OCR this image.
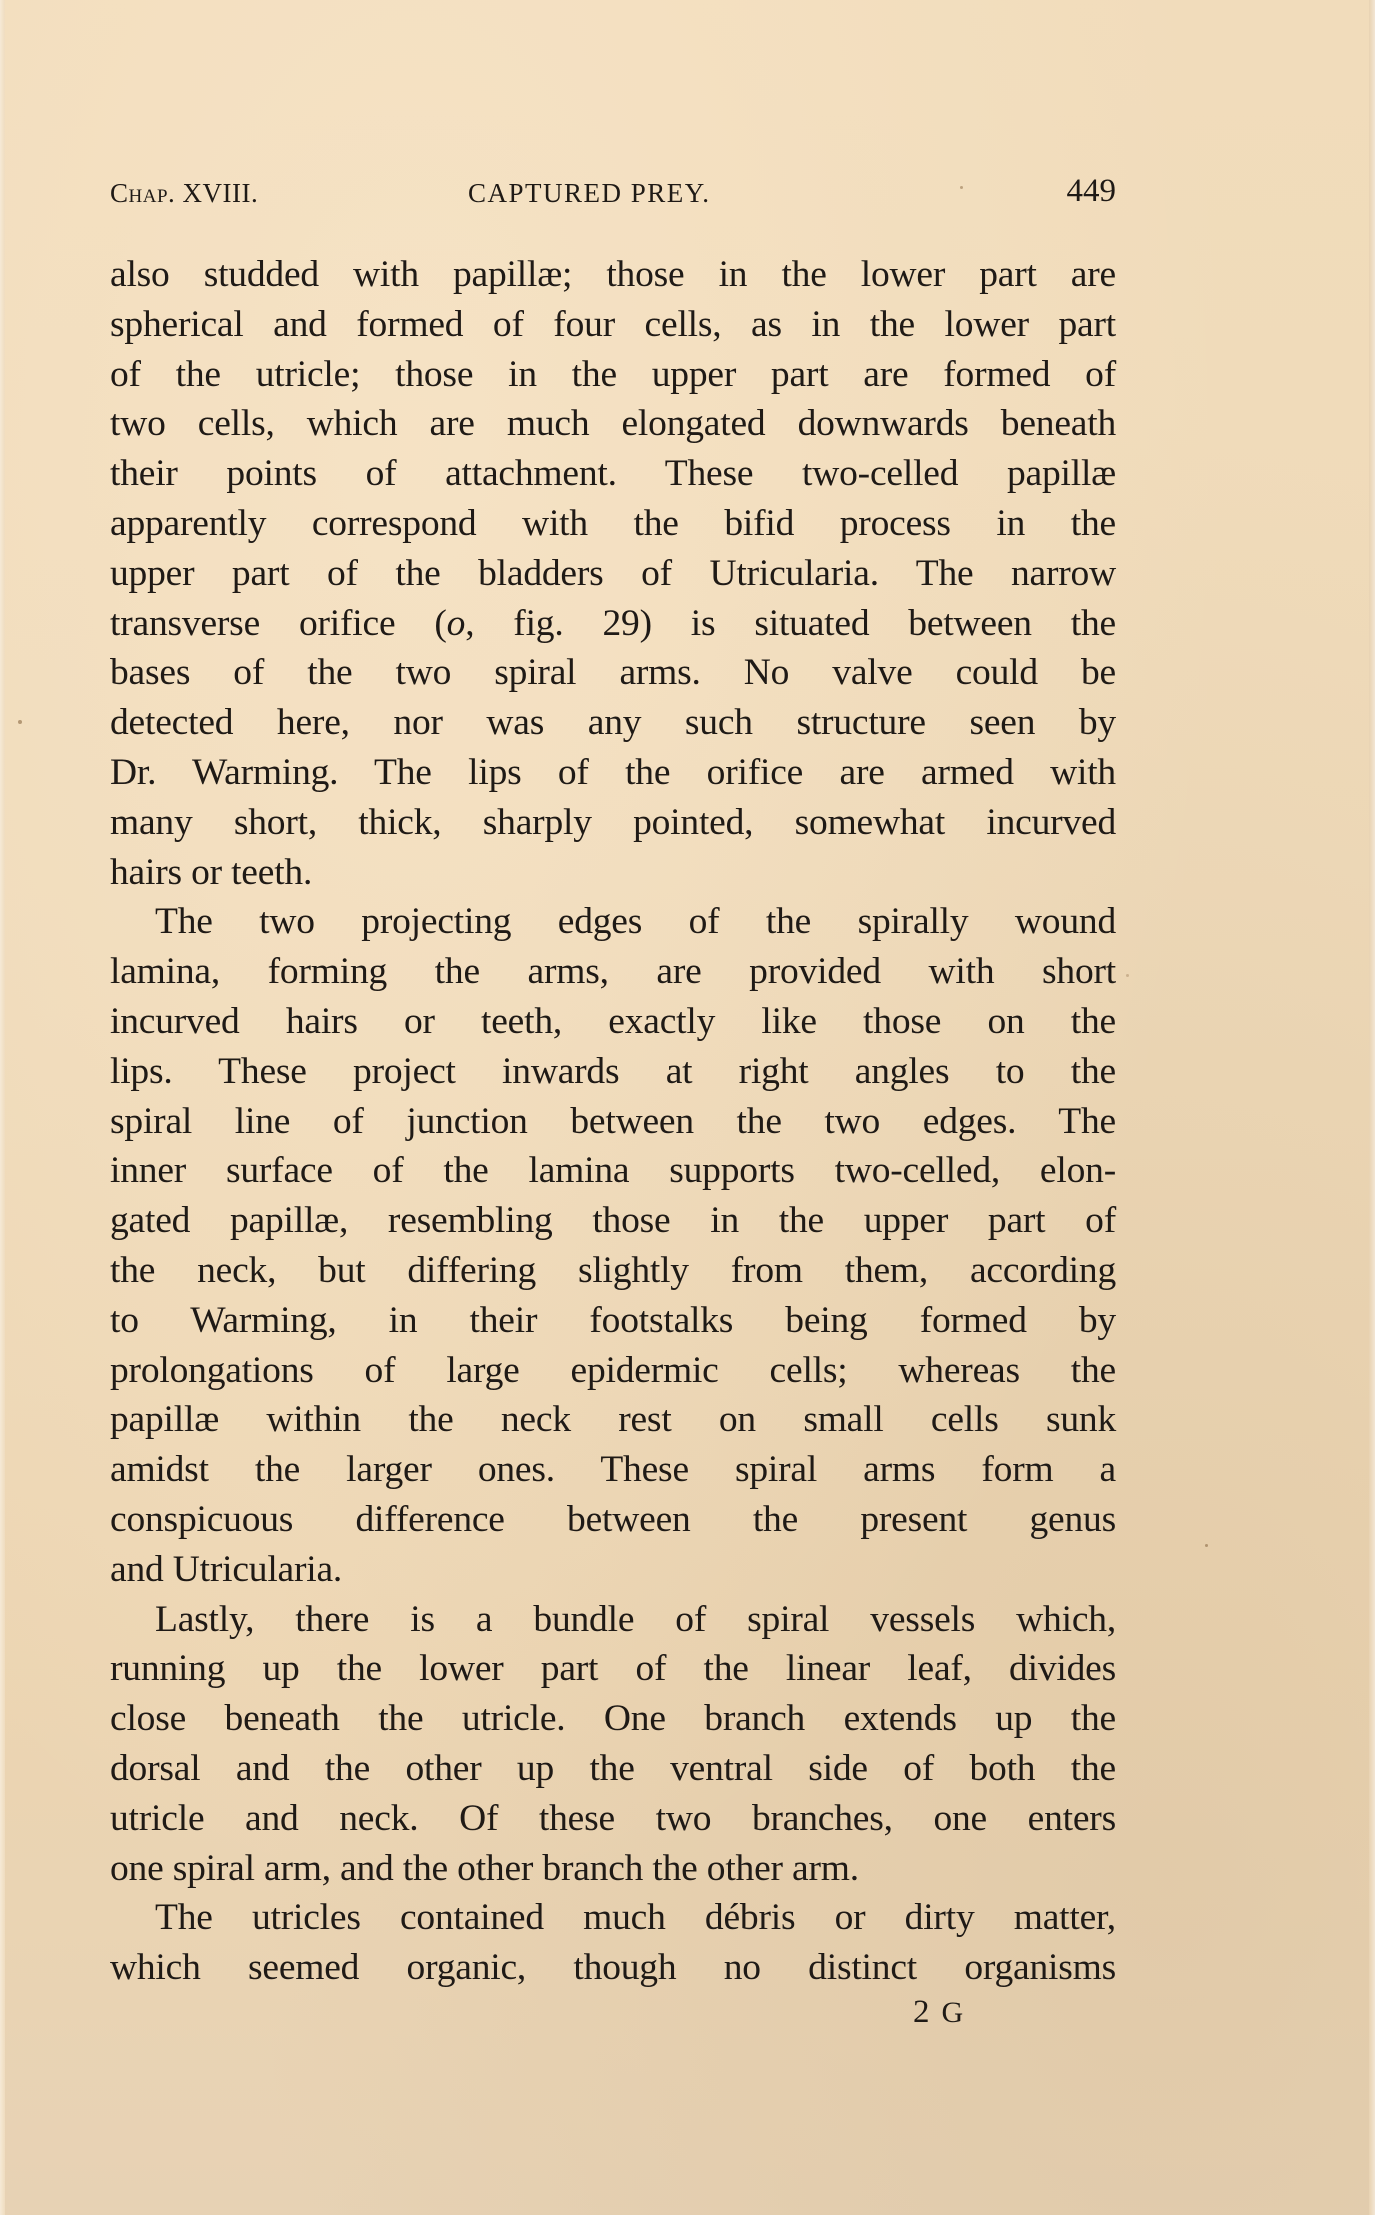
Chap. XVIII.	CAPTURED PREY.	449
also studded with papillæ; those in the lower part are
spherical and formed of four cells, as in the lower part
of the utricle; those in the upper part are formed of
two cells, which are much elongated downwards beneath
their points of attachment. These two-celled papillæ
apparently correspond with the bifid process in the
upper part of the bladders of Utricularia. The narrow
transverse orifice (o, fig. 29) is situated between the
bases of the two spiral arms. No valve could be
detected here, nor was any such structure seen by
Dr. Warming. The lips of the orifice are armed with
many short, thick, sharply pointed, somewhat incurved
hairs or teeth.
The two projecting edges of the spirally wound
lamina, forming the arms, are provided with short
incurved hairs or teeth, exactly like those on the
lips. These project inwards at right angles to the
spiral line of junction between the two edges. The
inner surface of the lamina supports two-celled, elon-
gated papillæ, resembling those in the upper part of
the neck, but differing slightly from them, according
to Warming, in their footstalks being formed by
prolongations of large epidermic cells; whereas the
papillæ within the neck rest on small cells sunk
amidst the larger ones. These spiral arms form a
conspicuous difference between the present genus
and Utricularia.
Lastly, there is a bundle of spiral vessels which,
running up the lower part of the linear leaf, divides
close beneath the utricle. One branch extends up the
dorsal and the other up the ventral side of both the
utricle and neck. Of these two branches, one enters
one spiral arm, and the other branch the other arm.
The utricles contained much débris or dirty matter,
which seemed organic, though no distinct organisms
2 G
